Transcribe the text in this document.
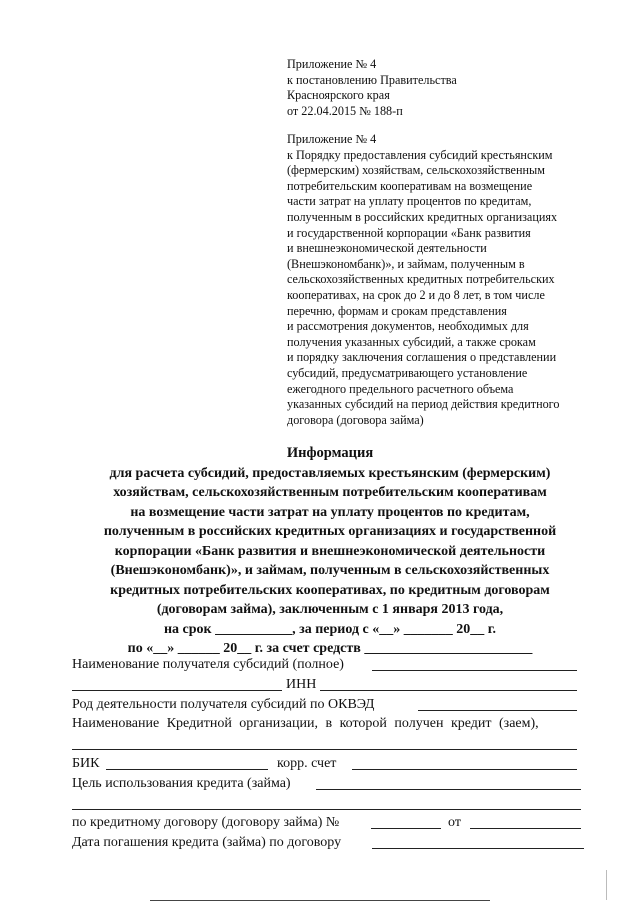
Приложение № 4
к постановлению Правительства
Красноярского края
от 22.04.2015 № 188-п
Приложение № 4
к Порядку предоставления субсидий крестьянским
(фермерским) хозяйствам, сельскохозяйственным
потребительским кооперативам на возмещение
части затрат на уплату процентов по кредитам,
полученным в российских кредитных организациях
и государственной корпорации «Банк развития
и внешнеэкономической деятельности
(Внешэкономбанк)», и займам, полученным в
сельскохозяйственных кредитных потребительских
кооперативах, на срок до 2 и до 8 лет, в том числе
перечню, формам и срокам представления
и рассмотрения документов, необходимых для
получения указанных субсидий, а также срокам
и порядку заключения соглашения о представлении
субсидий, предусматривающего установление
ежегодного предельного расчетного объема
указанных субсидий на период действия кредитного
договора (договора займа)
Информация
для расчета субсидий, предоставляемых крестьянским (фермерским)
хозяйствам, сельскохозяйственным потребительским кооперативам
на возмещение части затрат на уплату процентов по кредитам,
полученным в российских кредитных организациях и государственной
корпорации «Банк развития и внешнеэкономической деятельности
(Внешэкономбанк)», и займам, полученным в сельскохозяйственных
кредитных потребительских кооперативах, по кредитным договорам
(договорам займа), заключенным с 1 января 2013 года,
на срок ___________, за период с «__» _______ 20__ г.
по «__» ______ 20__ г. за счет средств ________________________
Наименование получателя субсидий (полное)
ИНН
Род деятельности получателя субсидий по ОКВЭД
Наименование Кредитной организации, в которой получен кредит (заем),
БИК	корр. счет
Цель использования кредита (займа)
по кредитному договору (договору займа) №	от
Дата погашения кредита (займа) по договору
